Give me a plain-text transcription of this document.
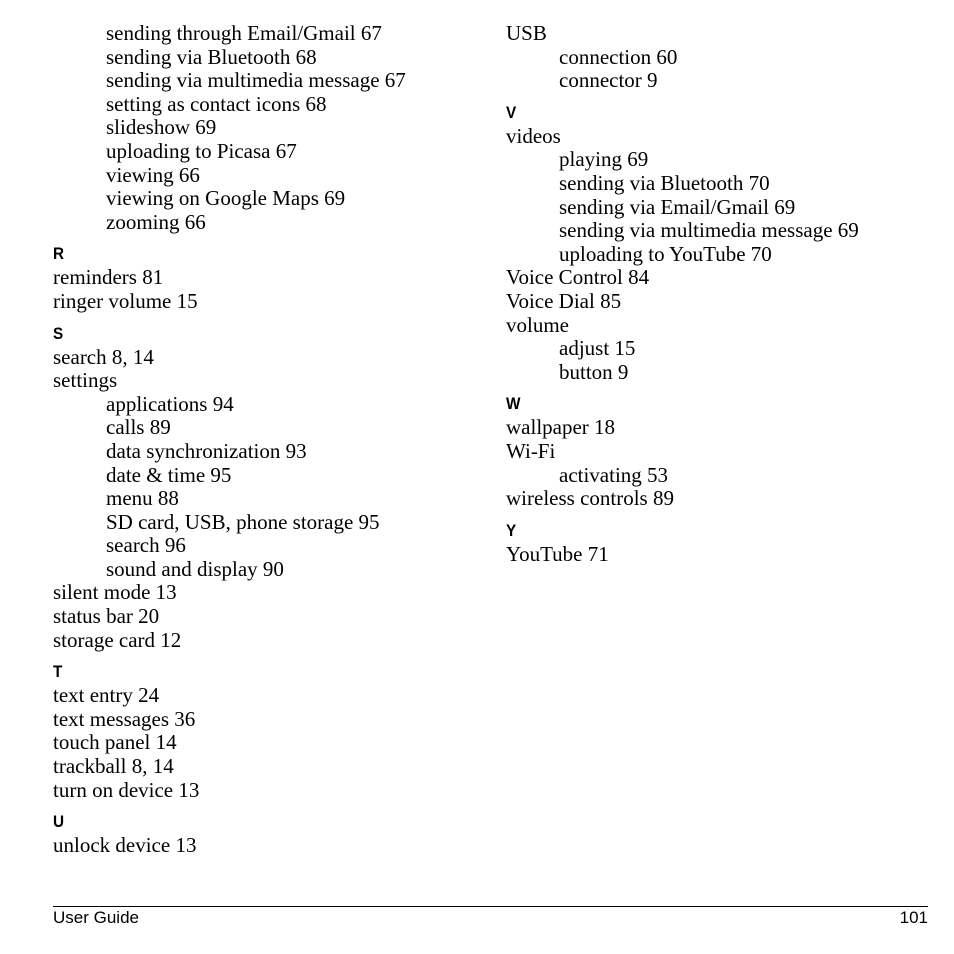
sending through Email/Gmail 67
sending via Bluetooth 68
sending via multimedia message 67
setting as contact icons 68
slideshow 69
uploading to Picasa 67
viewing 66
viewing on Google Maps 69
zooming 66
R
reminders 81
ringer volume 15
S
search 8, 14
settings
applications 94
calls 89
data synchronization 93
date & time 95
menu 88
SD card, USB, phone storage 95
search 96
sound and display 90
silent mode 13
status bar 20
storage card 12
T
text entry 24
text messages 36
touch panel 14
trackball 8, 14
turn on device 13
U
unlock device 13
USB
connection 60
connector 9
V
videos
playing 69
sending via Bluetooth 70
sending via Email/Gmail 69
sending via multimedia message 69
uploading to YouTube 70
Voice Control 84
Voice Dial 85
volume
adjust 15
button 9
W
wallpaper 18
Wi-Fi
activating 53
wireless controls 89
Y
YouTube 71
User Guide	101
